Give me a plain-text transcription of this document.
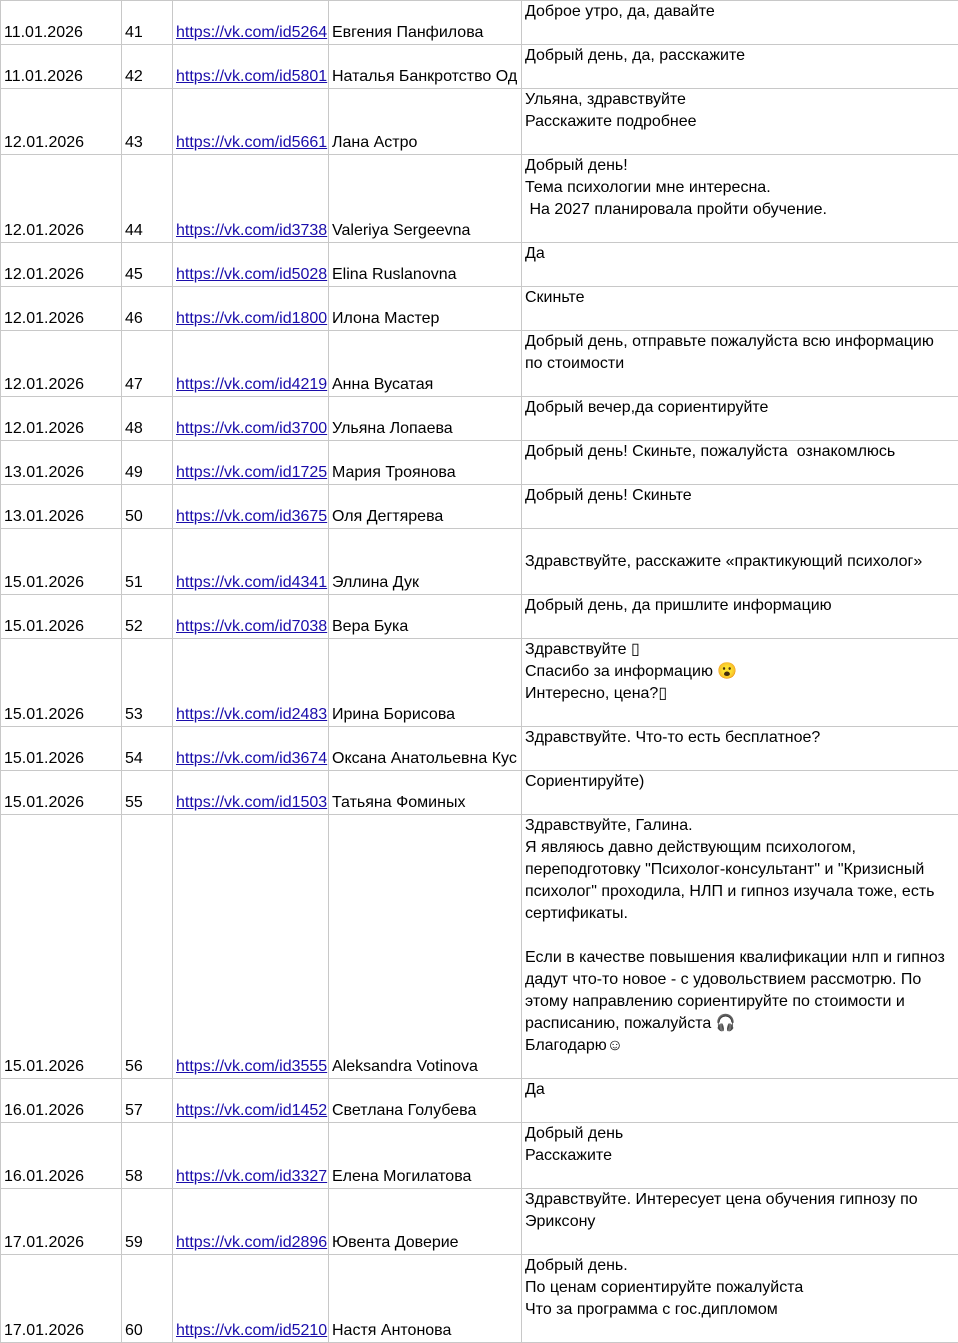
11.01.2026	41	https://vk.com/id5264	Евгения Панфилова	Доброе утро, да, давайте
11.01.2026	42	https://vk.com/id5801	Наталья Банкротство Од	Добрый день, да, расскажите
12.01.2026	43	https://vk.com/id5661	Лана Астро	Ульяна, здравствуйте
Расскажите подробнее
12.01.2026	44	https://vk.com/id3738	Valeriya Sergeevna	Добрый день!
Тема психологии мне интересна.
На 2027 планировала пройти обучение.
12.01.2026	45	https://vk.com/id5028	Elina Ruslanovna	Да
12.01.2026	46	https://vk.com/id1800	Илона Мастер	Скиньте
12.01.2026	47	https://vk.com/id4219	Анна Вусатая	Добрый день, отправьте пожалуйста всю информацию по стоимости
12.01.2026	48	https://vk.com/id3700	Ульяна Лопаева	Добрый вечер,да сориентируйте
13.01.2026	49	https://vk.com/id1725	Мария Троянова	Добрый день! Скиньте, пожалуйста  ознакомлюсь
13.01.2026	50	https://vk.com/id3675	Оля Дегтярева	Добрый день! Скиньте
15.01.2026	51	https://vk.com/id4341	Эллина Дук	
Здравствуйте, расскажите «практикующий психолог»
15.01.2026	52	https://vk.com/id7038	Вера Бука	Добрый день, да пришлите информацию
15.01.2026	53	https://vk.com/id2483	Ирина Борисова	Здравствуйте ▯
Спасибо за информацию 😮
Интересно, цена?▯
15.01.2026	54	https://vk.com/id3674	Оксана Анатольевна Кус	Здравствуйте. Что-то есть бесплатное?
15.01.2026	55	https://vk.com/id1503	Татьяна Фоминых	Сориентируйте)
15.01.2026	56	https://vk.com/id3555	Aleksandra Votinova	Здравствуйте, Галина.
Я являюсь давно действующим психологом, переподготовку "Психолог-консультант" и "Кризисный психолог" проходила, НЛП и гипноз изучала тоже, есть сертификаты.

Если в качестве повышения квалификации нлп и гипноз дадут что-то новое - с удовольствием рассмотрю. По этому направлению сориентируйте по стоимости и расписанию, пожалуйста 🎧
Благодарю☺
16.01.2026	57	https://vk.com/id1452	Светлана Голубева	Да
16.01.2026	58	https://vk.com/id3327	Елена Могилатова	Добрый день
Расскажите
17.01.2026	59	https://vk.com/id2896	Ювента Доверие	Здравствуйте. Интересует цена обучения гипнозу по Эриксону
17.01.2026	60	https://vk.com/id5210	Настя Антонова	Добрый день.
По ценам сориентируйте пожалуйста
Что за программа с гос.дипломом
